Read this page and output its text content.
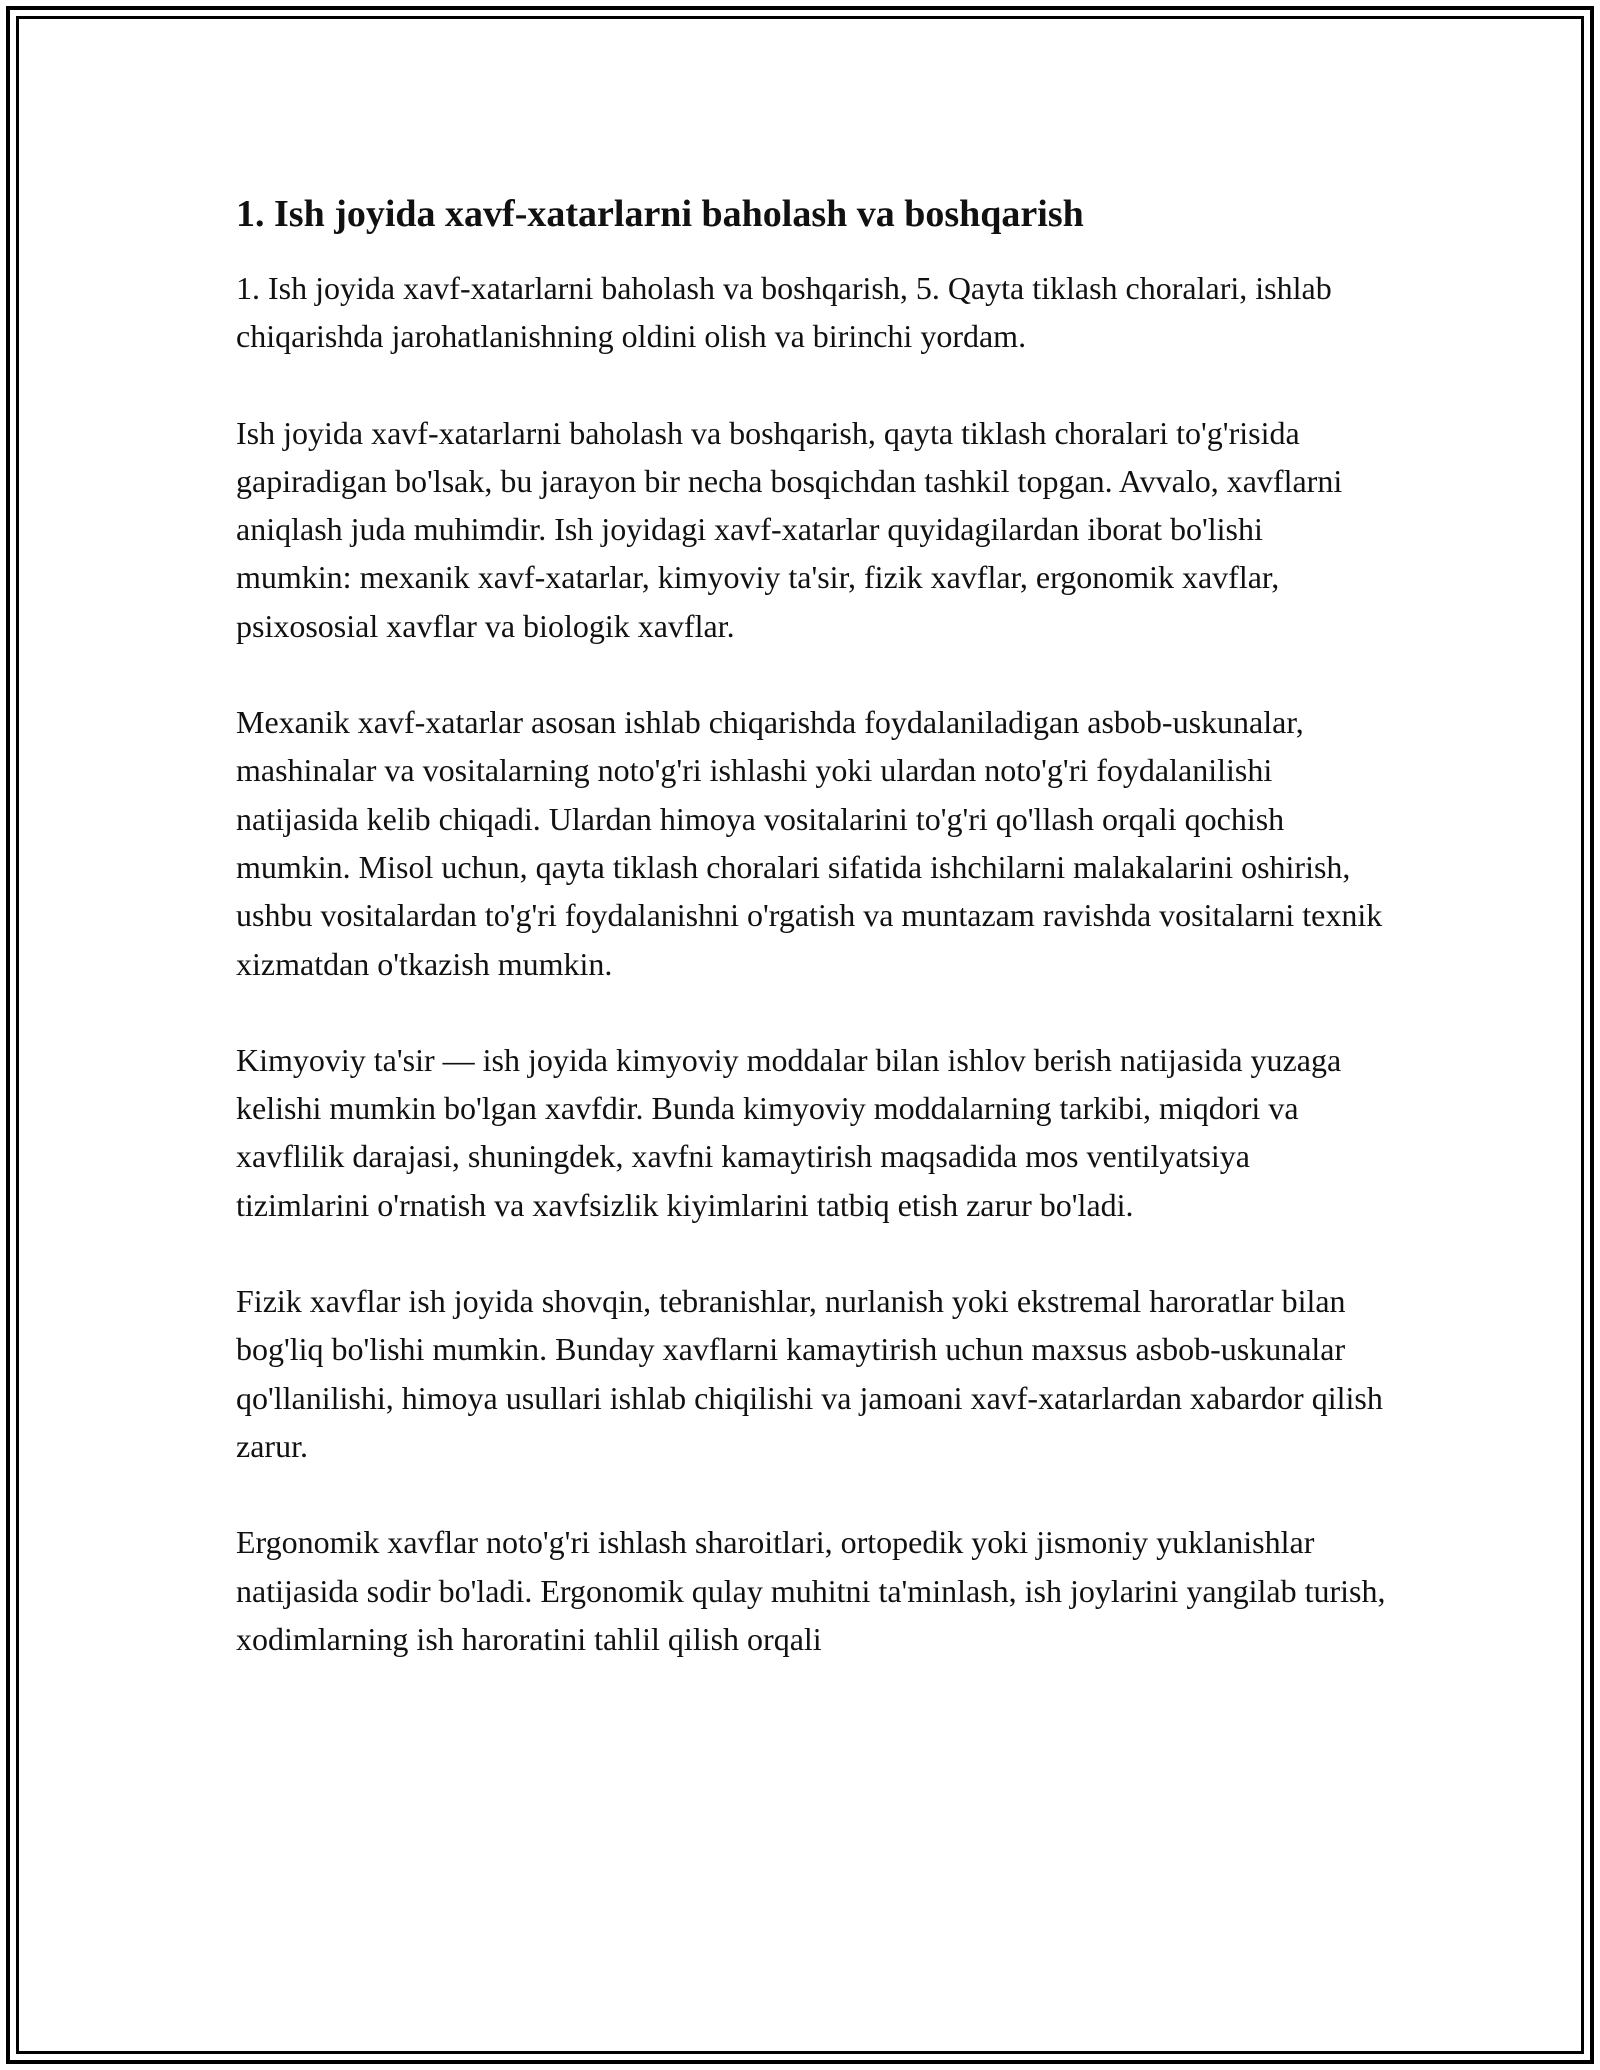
1. Ish joyida xavf-xatarlarni baholash va boshqarish

1. Ish joyida xavf-xatarlarni baholash va boshqarish, 5. Qayta tiklash choralari, ishlab chiqarishda jarohatlanishning oldini olish va birinchi yordam.

Ish joyida xavf-xatarlarni baholash va boshqarish, qayta tiklash choralari to'g'risida gapiradigan bo'lsak, bu jarayon bir necha bosqichdan tashkil topgan. Avvalo, xavflarni aniqlash juda muhimdir. Ish joyidagi xavf-xatarlar quyidagilardan iborat bo'lishi mumkin: mexanik xavf-xatarlar, kimyoviy ta'sir, fizik xavflar, ergonomik xavflar, psixososial xavflar va biologik xavflar.

Mexanik xavf-xatarlar asosan ishlab chiqarishda foydalaniladigan asbob-uskunalar, mashinalar va vositalarning noto'g'ri ishlashi yoki ulardan noto'g'ri foydalanilishi natijasida kelib chiqadi. Ulardan himoya vositalarini to'g'ri qo'llash orqali qochish mumkin. Misol uchun, qayta tiklash choralari sifatida ishchilarni malakalarini oshirish, ushbu vositalardan to'g'ri foydalanishni o'rgatish va muntazam ravishda vositalarni texnik xizmatdan o'tkazish mumkin.

Kimyoviy ta'sir — ish joyida kimyoviy moddalar bilan ishlov berish natijasida yuzaga kelishi mumkin bo'lgan xavfdir. Bunda kimyoviy moddalarning tarkibi, miqdori va xavflilik darajasi, shuningdek, xavfni kamaytirish maqsadida mos ventilyatsiya tizimlarini o'rnatish va xavfsizlik kiyimlarini tatbiq etish zarur bo'ladi.

Fizik xavflar ish joyida shovqin, tebranishlar, nurlanish yoki ekstremal haroratlar bilan bog'liq bo'lishi mumkin. Bunday xavflarni kamaytirish uchun maxsus asbob-uskunalar qo'llanilishi, himoya usullari ishlab chiqilishi va jamoani xavf-xatarlardan xabardor qilish zarur.

Ergonomik xavflar noto'g'ri ishlash sharoitlari, ortopedik yoki jismoniy yuklanishlar natijasida sodir bo'ladi. Ergonomik qulay muhitni ta'minlash, ish joylarini yangilab turish, xodimlarning ish haroratini tahlil qilish orqali
